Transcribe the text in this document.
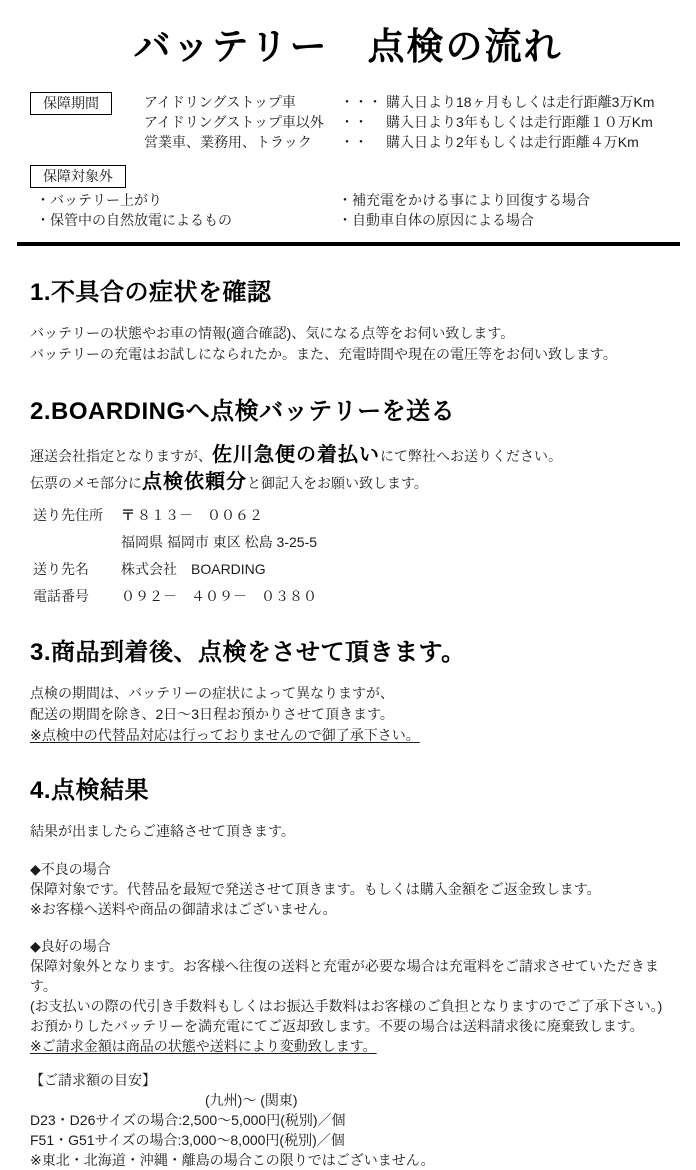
バッテリー　点検の流れ
保障期間	アイドリングストップ車	・・・ 購入日より18ヶ月もしくは走行距離3万Km
アイドリングストップ車以外	・・	購入日より3年もしくは走行距離１０万Km
営業車、業務用、トラック	・・	購入日より2年もしくは走行距離４万Km
保障対象外
・バッテリー上がり
・保管中の自然放電によるもの
・補充電をかける事により回復する場合
・自動車自体の原因による場合
1.不具合の症状を確認
バッテリーの状態やお車の情報(適合確認)、気になる点等をお伺い致します。
バッテリーの充電はお試しになられたか。また、充電時間や現在の電圧等をお伺い致します。
2.BOARDINGへ点検バッテリーを送る
運送会社指定となりますが、佐川急便の着払いにて弊社へお送りください。
伝票のメモ部分に点検依頼分と御記入をお願い致します。
送り先住所	〒 ８１３－　００６２
福岡県 福岡市 東区 松島 3-25-5
送り先名	株式会社　BOARDING
電話番号	０９２－　４０９－　０３８０
3.商品到着後、点検をさせて頂きます。
点検の期間は、バッテリーの症状によって異なりますが、
配送の期間を除き、2日～3日程お預かりさせて頂きます。
※点検中の代替品対応は行っておりませんので御了承下さい。
4.点検結果
結果が出ましたらご連絡させて頂きます。
◆不良の場合
保障対象です。代替品を最短で発送させて頂きます。もしくは購入金額をご返金致します。
※お客様へ送料や商品の御請求はございません。
◆良好の場合
保障対象外となります。お客様へ往復の送料と充電が必要な場合は充電料をご請求させていただきます。
(お支払いの際の代引き手数料もしくはお振込手数料はお客様のご負担となりますのでご了承下さい。)
お預かりしたバッテリーを満充電にてご返却致します。不要の場合は送料請求後に廃棄致します。
※ご請求金額は商品の状態や送料により変動致します。
【ご請求額の目安】
(九州)～ (関東)
D23・D26サイズの場合:2,500～5,000円(税別)／個
F51・G51サイズの場合:3,000～8,000円(税別)／個
※東北・北海道・沖縄・離島の場合この限りではございません。
